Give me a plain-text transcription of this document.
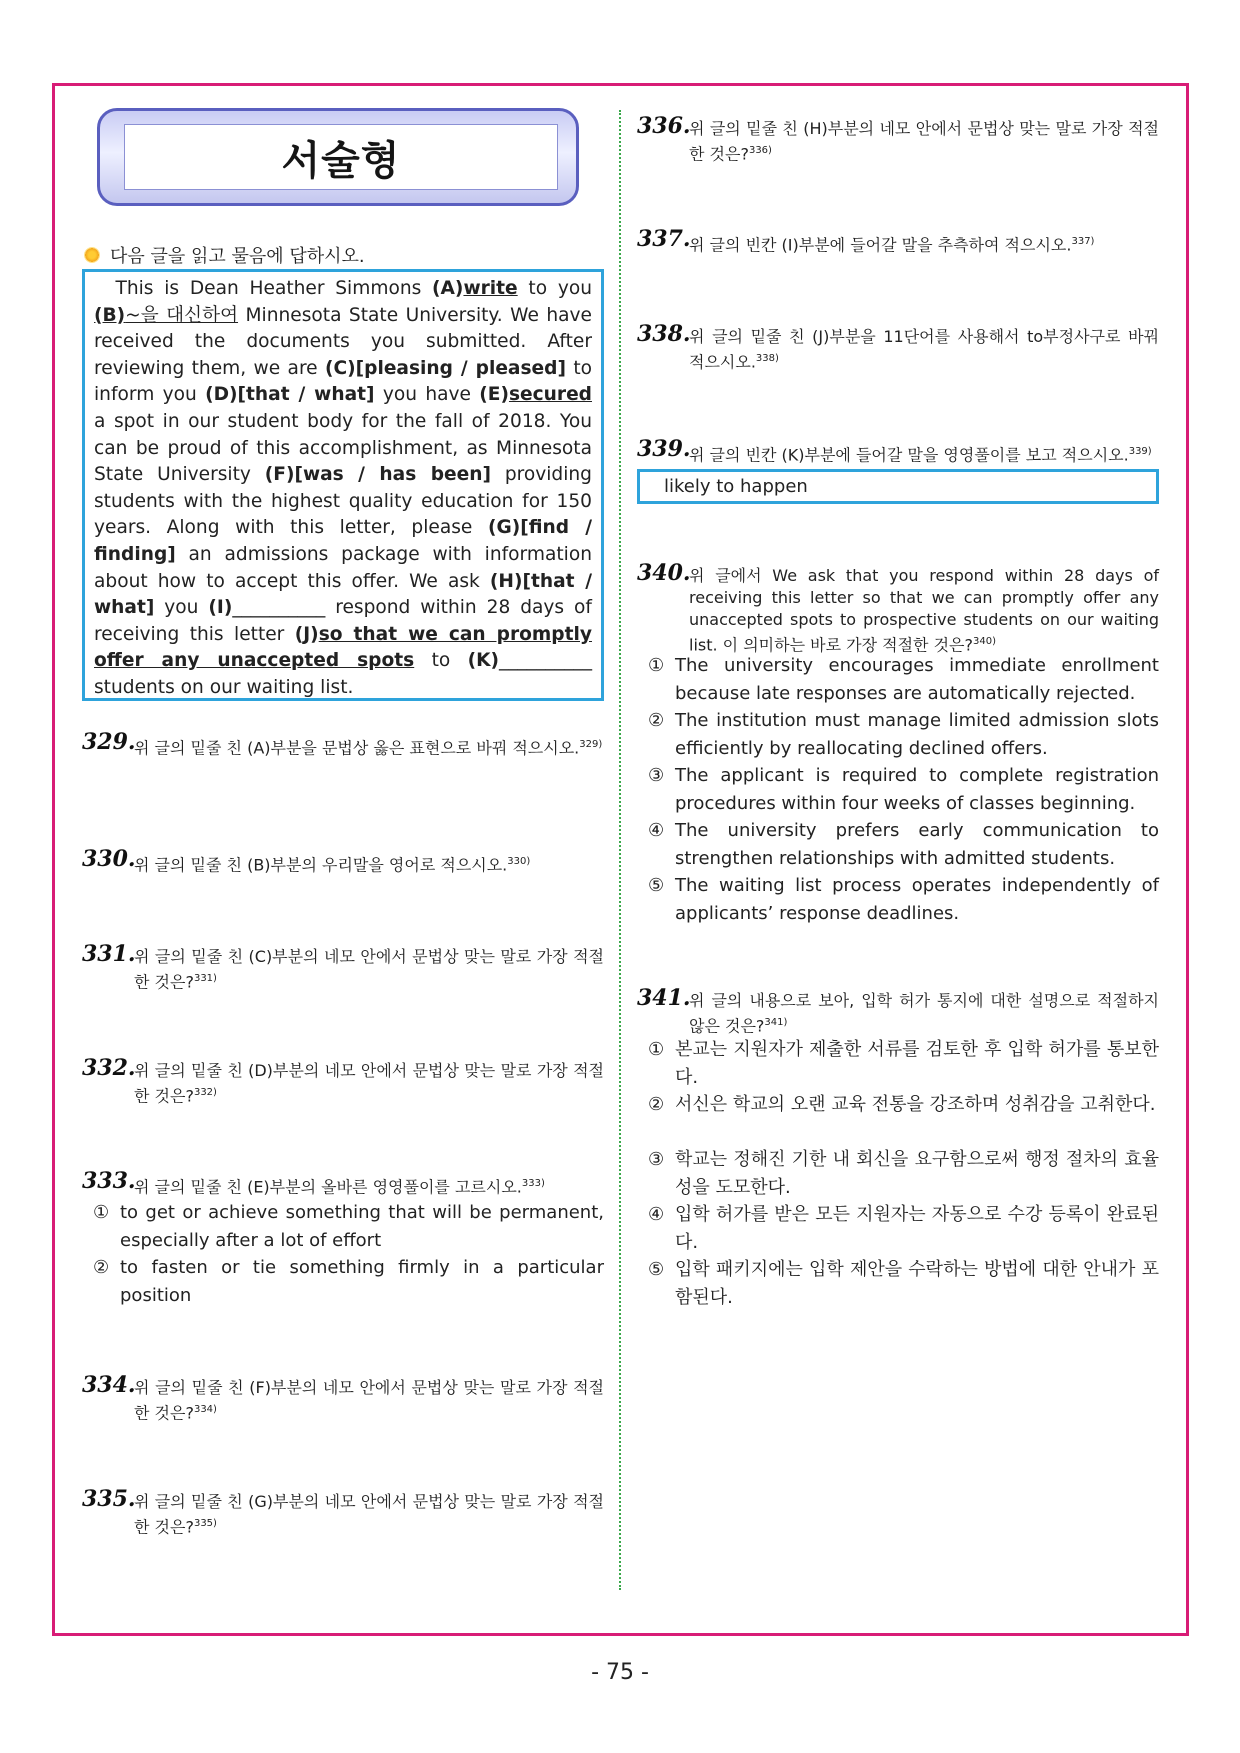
서술형
다음 글을 읽고 물음에 답하시오.
This is Dean Heather Simmons (A)write to you (B)~을 대신하여 Minnesota State University. We have received the documents you submitted. After reviewing them, we are (C)[pleasing / pleased] to inform you (D)[that / what] you have (E)secured a spot in our student body for the fall of 2018. You can be proud of this accomplishment, as Minnesota State University (F)[was / has been] providing students with the highest quality education for 150 years. Along with this letter, please (G)[find / finding] an admissions package with information about how to accept this offer. We ask (H)[that / what] you (I)__________ respond within 28 days of receiving this letter (J)so that we can promptly offer any unaccepted spots to (K)__________ students on our waiting list.
329.
위 글의 밑줄 친 (A)부분을 문법상 옳은 표현으로 바꿔 적으시오.$^{329)}$
330.
위 글의 밑줄 친 (B)부분의 우리말을 영어로 적으시오.$^{330)}$
331.
위 글의 밑줄 친 (C)부분의 네모 안에서 문법상 맞는 말로 가장 적절한 것은?$^{331)}$
332.
위 글의 밑줄 친 (D)부분의 네모 안에서 문법상 맞는 말로 가장 적절한 것은?$^{332)}$
333.
위 글의 밑줄 친 (E)부분의 올바른 영영풀이를 고르시오.$^{333)}$
① to get or achieve something that will be permanent, especially after a lot of effort
② to fasten or tie something firmly in a particular position
334.
위 글의 밑줄 친 (F)부분의 네모 안에서 문법상 맞는 말로 가장 적절한 것은?$^{334)}$
335.
위 글의 밑줄 친 (G)부분의 네모 안에서 문법상 맞는 말로 가장 적절한 것은?$^{335)}$
336.
위 글의 밑줄 친 (H)부분의 네모 안에서 문법상 맞는 말로 가장 적절한 것은?$^{336)}$
337.
위 글의 빈칸 (I)부분에 들어갈 말을 추측하여 적으시오.$^{337)}$
338.
위 글의 밑줄 친 (J)부분을 11단어를 사용해서 to부정사구로 바꿔 적으시오.$^{338)}$
339.
위 글의 빈칸 (K)부분에 들어갈 말을 영영풀이를 보고 적으시오.$^{339)}$
likely to happen
340.
위 글에서 We ask that you respond within 28 days of receiving this letter so that we can promptly offer any unaccepted spots to prospective students on our waiting list. 이 의미하는 바로 가장 적절한 것은?$^{340)}$
① The university encourages immediate enrollment because late responses are automatically rejected.
② The institution must manage limited admission slots efficiently by reallocating declined offers.
③ The applicant is required to complete registration procedures within four weeks of classes beginning.
④ The university prefers early communication to strengthen relationships with admitted students.
⑤ The waiting list process operates independently of applicants’ response deadlines.
341.
위 글의 내용으로 보아, 입학 허가 통지에 대한 설명으로 적절하지 않은 것은?$^{341)}$
① 본교는 지원자가 제출한 서류를 검토한 후 입학 허가를 통보한다.
② 서신은 학교의 오랜 교육 전통을 강조하며 성취감을 고취한다.
③ 학교는 정해진 기한 내 회신을 요구함으로써 행정 절차의 효율성을 도모한다.
④ 입학 허가를 받은 모든 지원자는 자동으로 수강 등록이 완료된다.
⑤ 입학 패키지에는 입학 제안을 수락하는 방법에 대한 안내가 포함된다.
- 75 -
